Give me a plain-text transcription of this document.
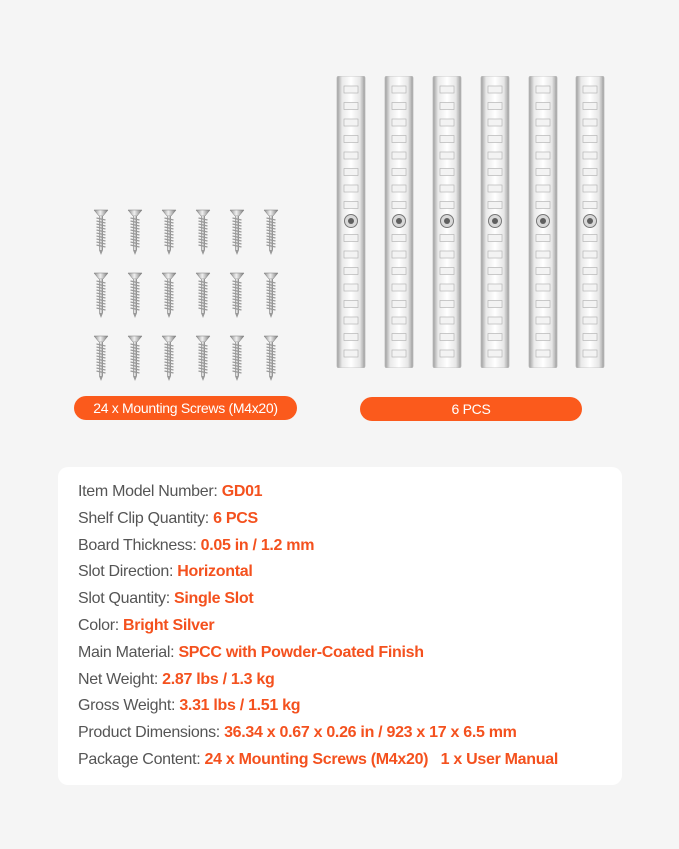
24 x Mounting Screws (M4x20)	6 PCS
Item Model Number: GD01
Shelf Clip Quantity: 6 PCS
Board Thickness: 0.05 in / 1.2 mm
Slot Direction: Horizontal
Slot Quantity: Single Slot
Color: Bright Silver
Main Material: SPCC with Powder-Coated Finish
Net Weight: 2.87 lbs / 1.3 kg
Gross Weight: 3.31 lbs / 1.51 kg
Product Dimensions: 36.34 x 0.67 x 0.26 in / 923 x 17 x 6.5 mm
Package Content: 24 x Mounting Screws (M4x20)   1 x User Manual
